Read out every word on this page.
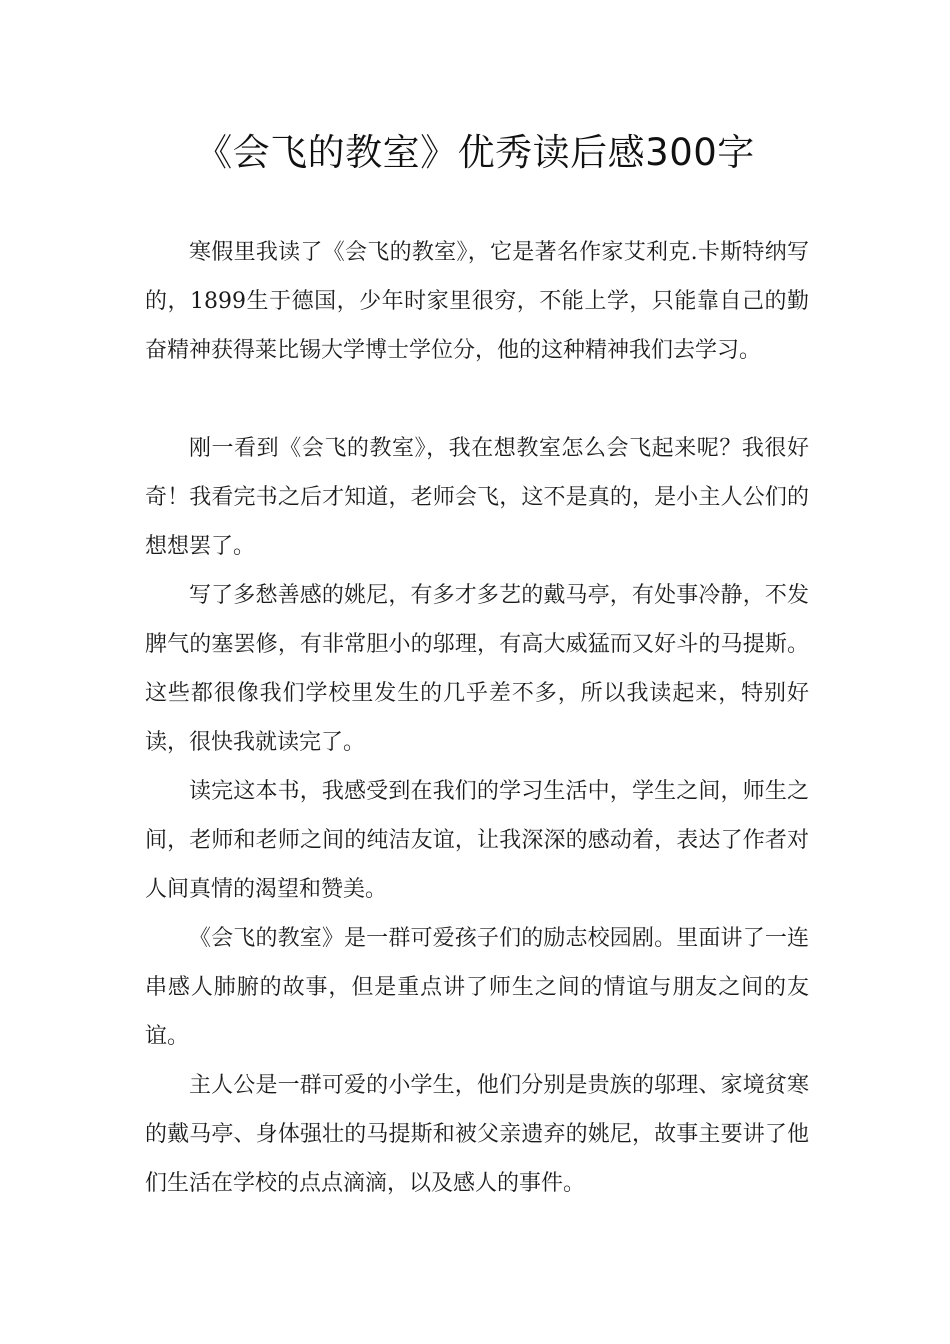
《会飞的教室》优秀读后感300字

寒假里我读了《会飞的教室》，它是著名作家艾利克.卡斯特纳写的，1899生于德国，少年时家里很穷，不能上学，只能靠自己的勤奋精神获得莱比锡大学博士学位分，他的这种精神我们去学习。

刚一看到《会飞的教室》，我在想教室怎么会飞起来呢？我很好奇！我看完书之后才知道，老师会飞，这不是真的，是小主人公们的想想罢了。

写了多愁善感的姚尼，有多才多艺的戴马亭，有处事冷静，不发脾气的塞罢修，有非常胆小的邬理，有高大威猛而又好斗的马提斯。这些都很像我们学校里发生的几乎差不多，所以我读起来，特别好读，很快我就读完了。

读完这本书，我感受到在我们的学习生活中，学生之间，师生之间，老师和老师之间的纯洁友谊，让我深深的感动着，表达了作者对人间真情的渴望和赞美。

《会飞的教室》是一群可爱孩子们的励志校园剧。里面讲了一连串感人肺腑的故事，但是重点讲了师生之间的情谊与朋友之间的友谊。

主人公是一群可爱的小学生，他们分别是贵族的邬理、家境贫寒的戴马亭、身体强壮的马提斯和被父亲遗弃的姚尼，故事主要讲了他们生活在学校的点点滴滴，以及感人的事件。
